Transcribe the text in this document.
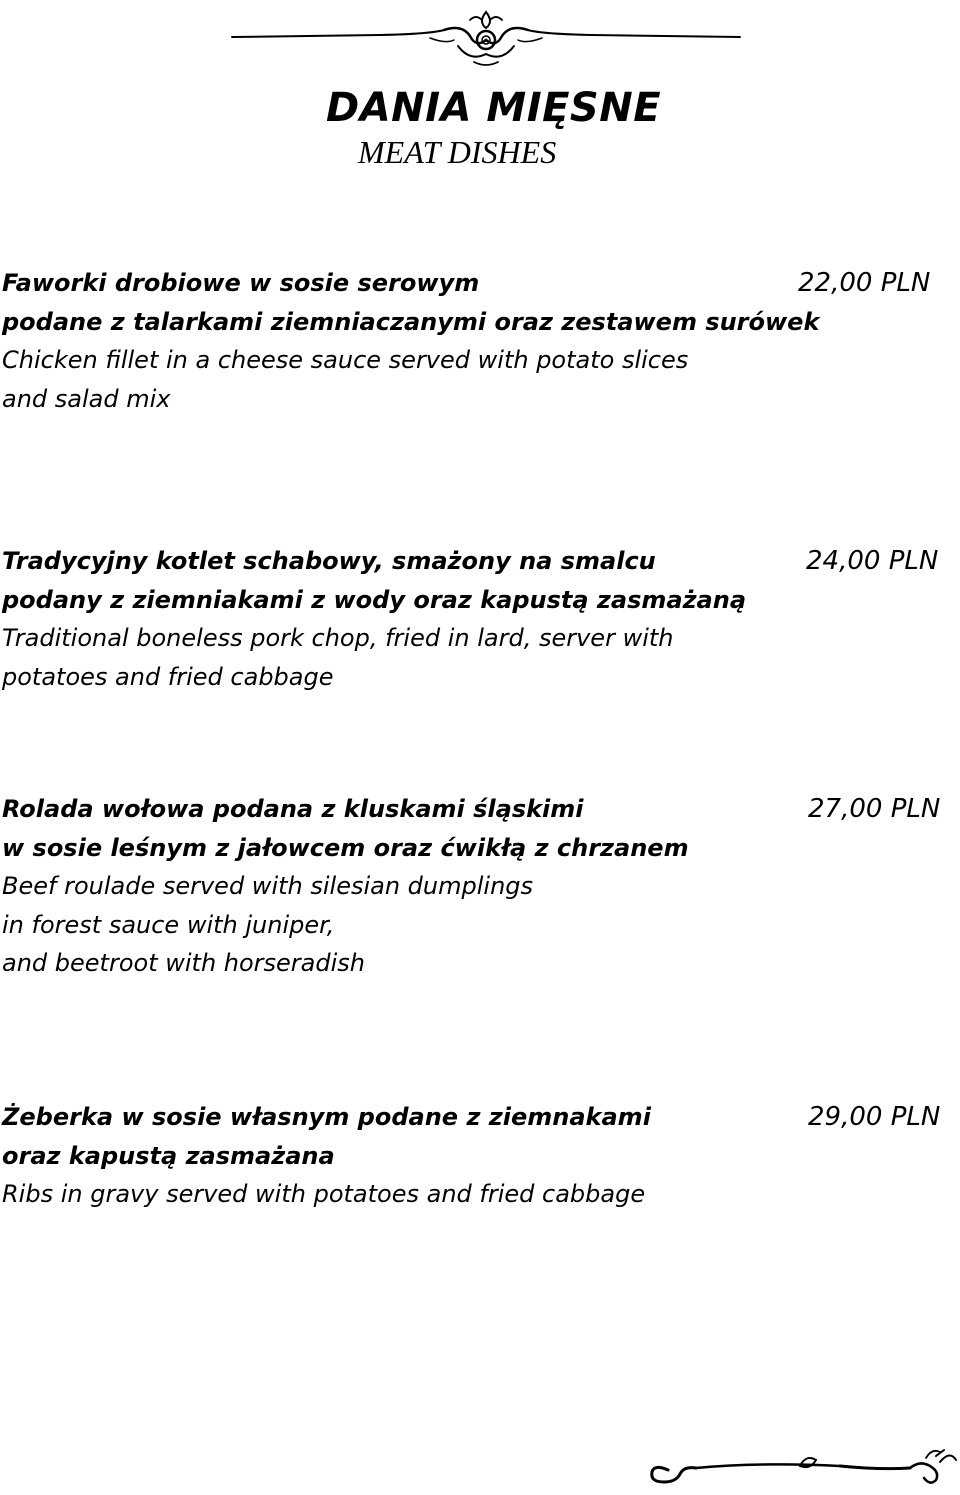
DANIA MIĘSNE
MEAT DISHES
Faworki drobiowe w sosie serowym
podane z talarkami ziemniaczanymi oraz zestawem surówek
Chicken fillet in a cheese sauce served with potato slices
and salad mix
22,00 PLN
Tradycyjny kotlet schabowy, smażony na smalcu
podany z ziemniakami z wody oraz kapustą zasmażaną
Traditional boneless pork chop, fried in lard, server with
potatoes and fried cabbage
24,00 PLN
Rolada wołowa podana z kluskami śląskimi
w sosie leśnym z jałowcem oraz ćwikłą z chrzanem
Beef roulade served with silesian dumplings
in forest sauce with juniper,
and beetroot with horseradish
27,00 PLN
Żeberka w sosie własnym podane z ziemnakami
oraz kapustą zasmażana
Ribs in gravy served with potatoes and fried cabbage
29,00 PLN
